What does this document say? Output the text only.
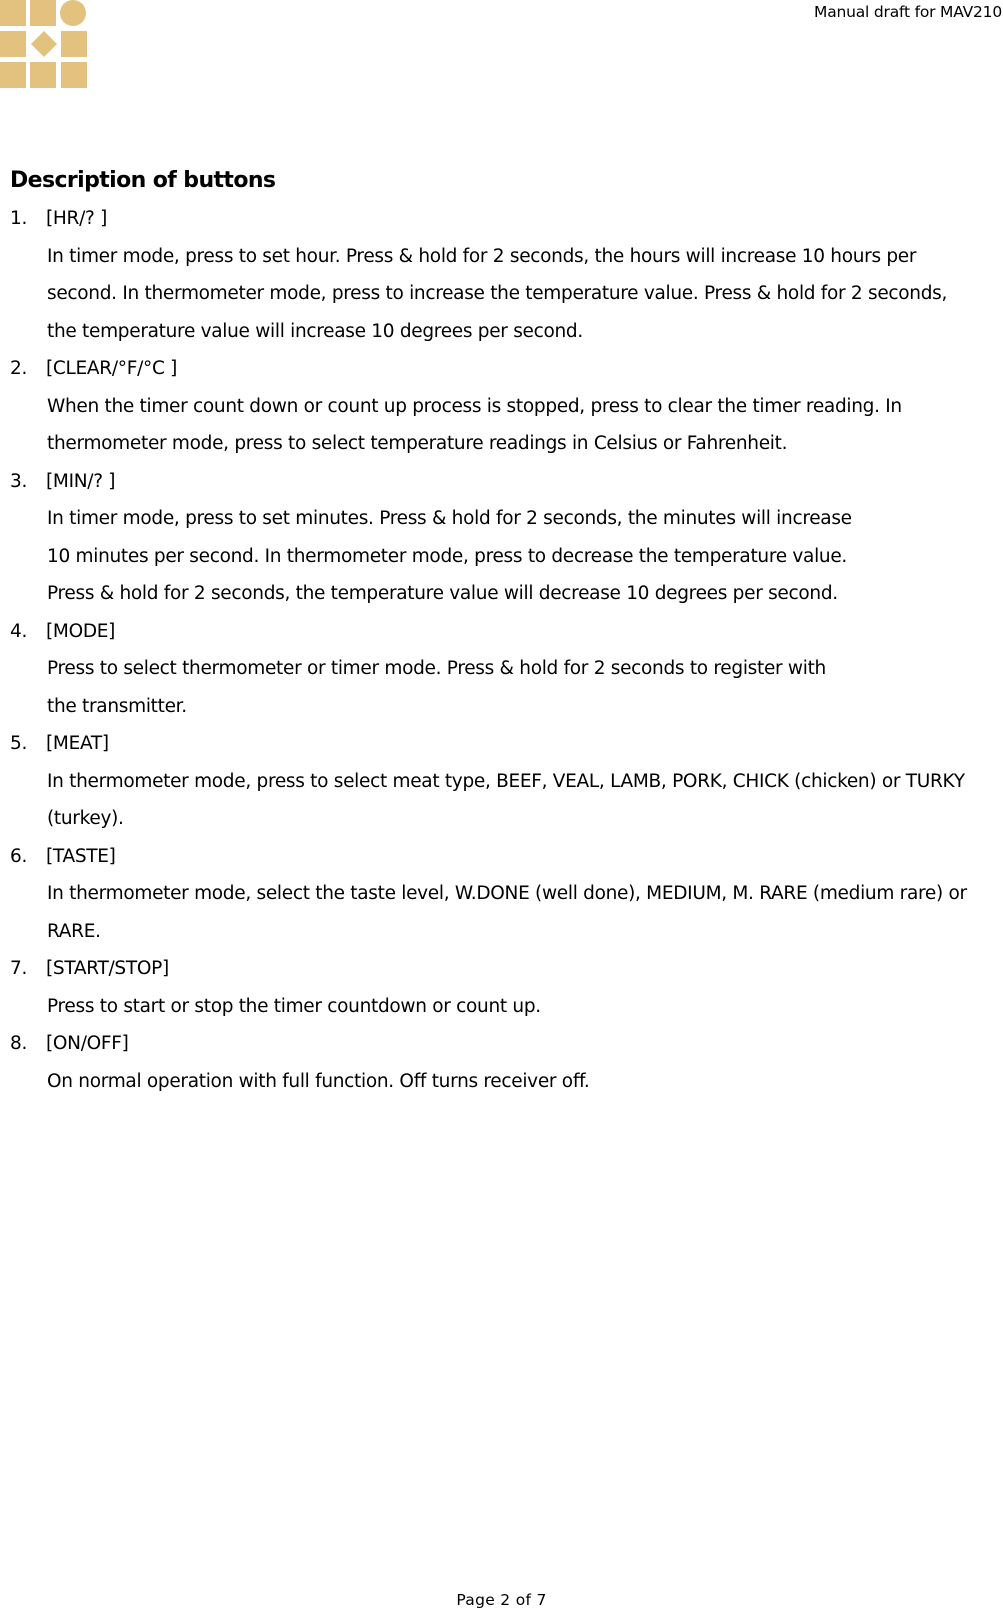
Manual draft for MAV210
Description of buttons
1. [HR/? ]
In timer mode, press to set hour. Press & hold for 2 seconds, the hours will increase 10 hours per second. In thermometer mode, press to increase the temperature value. Press & hold for 2 seconds, the temperature value will increase 10 degrees per second.
2. [CLEAR/°F/°C ]
When the timer count down or count up process is stopped, press to clear the timer reading. In thermometer mode, press to select temperature readings in Celsius or Fahrenheit.
3. [MIN/? ]
In timer mode, press to set minutes. Press & hold for 2 seconds, the minutes will increase 10 minutes per second. In thermometer mode, press to decrease the temperature value. Press & hold for 2 seconds, the temperature value will decrease 10 degrees per second.
4. [MODE]
Press to select thermometer or timer mode. Press & hold for 2 seconds to register with the transmitter.
5. [MEAT]
In thermometer mode, press to select meat type, BEEF, VEAL, LAMB, PORK, CHICK (chicken) or TURKY (turkey).
6. [TASTE]
In thermometer mode, select the taste level, W.DONE (well done), MEDIUM, M. RARE (medium rare) or RARE.
7. [START/STOP]
Press to start or stop the timer countdown or count up.
8. [ON/OFF]
On normal operation with full function. Off turns receiver off.
Page 2 of 7
